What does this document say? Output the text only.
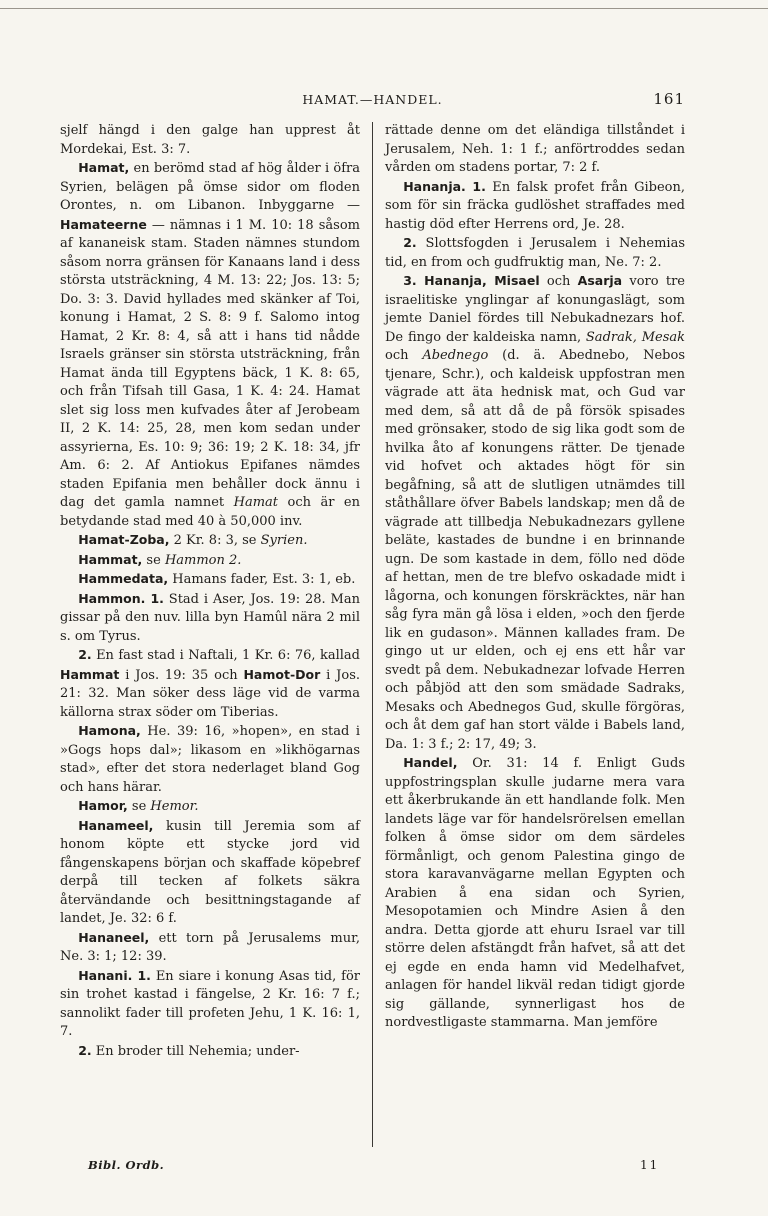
HAMAT.—HANDEL.	161

sjelf hängd i den galge han upprest åt Mordekai, Est. 3: 7.

Hamat, en berömd stad af hög ålder i öfra Syrien, belägen på ömse sidor om floden Orontes, n. om Libanon. Inbyggarne — Hamateerne — nämnas i 1 M. 10: 18 såsom af kananeisk stam. Staden nämnes stundom såsom norra gränsen för Kanaans land i dess största utsträckning, 4 M. 13: 22; Jos. 13: 5; Do. 3: 3. David hyllades med skänker af Toi, konung i Hamat, 2 S. 8: 9 f. Salomo intog Hamat, 2 Kr. 8: 4, så att i hans tid nådde Israels gränser sin största utsträckning, från Hamat ända till Egyptens bäck, 1 K. 8: 65, och från Tifsah till Gasa, 1 K. 4: 24. Hamat slet sig loss men kufvades åter af Jerobeam II, 2 K. 14: 25, 28, men kom sedan under assyrierna, Es. 10: 9; 36: 19; 2 K. 18: 34, jfr Am. 6: 2. Af Antiokus Epifanes nämdes staden Epifania men behåller dock ännu i dag det gamla namnet Hamat och är en betydande stad med 40 à 50,000 inv.

Hamat-Zoba, 2 Kr. 8: 3, se Syrien.

Hammat, se Hammon 2.

Hammedata, Hamans fader, Est. 3: 1, eb.

Hammon. 1. Stad i Aser, Jos. 19: 28. Man gissar på den nuv. lilla byn Hamûl nära 2 mil s. om Tyrus.

2. En fast stad i Naftali, 1 Kr. 6: 76, kallad Hammat i Jos. 19: 35 och Hamot-Dor i Jos. 21: 32. Man söker dess läge vid de varma källorna strax söder om Tiberias.

Hamona, He. 39: 16, »hopen», en stad i »Gogs hops dal»; likasom en »likhögarnas stad», efter det stora nederlaget bland Gog och hans härar.

Hamor, se Hemor.

Hanameel, kusin till Jeremia som af honom köpte ett stycke jord vid fångenskapens början och skaffade köpebref derpå till tecken af folkets säkra återvändande och besittningstagande af landet, Je. 32: 6 f.

Hananeel, ett torn på Jerusalems mur, Ne. 3: 1; 12: 39.

Hanani. 1. En siare i konung Asas tid, för sin trohet kastad i fängelse, 2 Kr. 16: 7 f.; sannolikt fader till profeten Jehu, 1 K. 16: 1, 7.

2. En broder till Nehemia; under-

rättade denne om det eländiga tillståndet i Jerusalem, Neh. 1: 1 f.; anförtroddes sedan vården om stadens portar, 7: 2 f.

Hananja. 1. En falsk profet från Gibeon, som för sin fräcka gudlöshet straffades med hastig död efter Herrens ord, Je. 28.

2. Slottsfogden i Jerusalem i Nehemias tid, en from och gudfruktig man, Ne. 7: 2.

3. Hananja, Misael och Asarja voro tre israelitiske ynglingar af konungaslägt, som jemte Daniel fördes till Nebukadnezars hof. De fingo der kaldeiska namn, Sadrak, Mesak och Abednego (d. ä. Abednebo, Nebos tjenare, Schr.), och kaldeisk uppfostran men vägrade att äta hednisk mat, och Gud var med dem, så att då de på försök spisades med grönsaker, stodo de sig lika godt som de hvilka åto af konungens rätter. De tjenade vid hofvet och aktades högt för sin begåfning, så att de slutligen utnämdes till ståthållare öfver Babels landskap; men då de vägrade att tillbedja Nebukadnezars gyllene beläte, kastades de bundne i en brinnande ugn. De som kastade in dem, föllo ned döde af hettan, men de tre blefvo oskadade midt i lågorna, och konungen förskräcktes, när han såg fyra män gå lösa i elden, »och den fjerde lik en gudason». Männen kallades fram. De gingo ut ur elden, och ej ens ett hår var svedt på dem. Nebukadnezar lofvade Herren och påbjöd att den som smädade Sadraks, Mesaks och Abednegos Gud, skulle förgöras, och åt dem gaf han stort välde i Babels land, Da. 1: 3 f.; 2: 17, 49; 3.

Handel, Or. 31: 14 f. Enligt Guds uppfostringsplan skulle judarne mera vara ett åkerbrukande än ett handlande folk. Men landets läge var för handelsrörelsen emellan folken å ömse sidor om dem särdeles förmånligt, och genom Palestina gingo de stora karavanvägarne mellan Egypten och Arabien å ena sidan och Syrien, Mesopotamien och Mindre Asien å den andra. Detta gjorde att ehuru Israel var till större delen afstängdt från hafvet, så att det ej egde en enda hamn vid Medelhafvet, anlagen för handel likväl redan tidigt gjorde sig gällande, synnerligast hos de nordvestligaste stammarna. Man jemföre

Bibl. Ordb.	11
